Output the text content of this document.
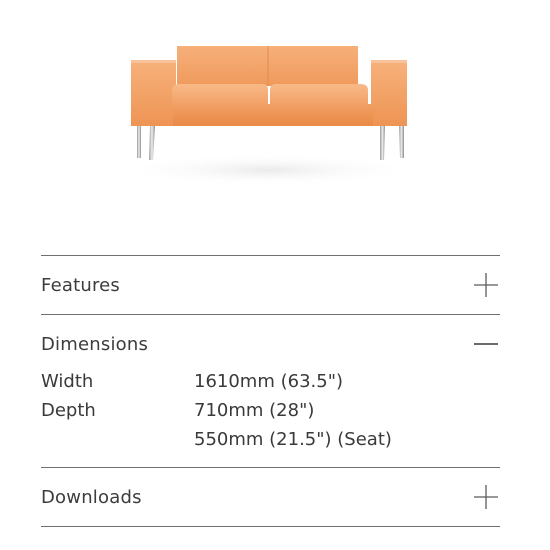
Features
Dimensions
Width	1610mm (63.5")
Depth	710mm (28")
550mm (21.5") (Seat)
Downloads
